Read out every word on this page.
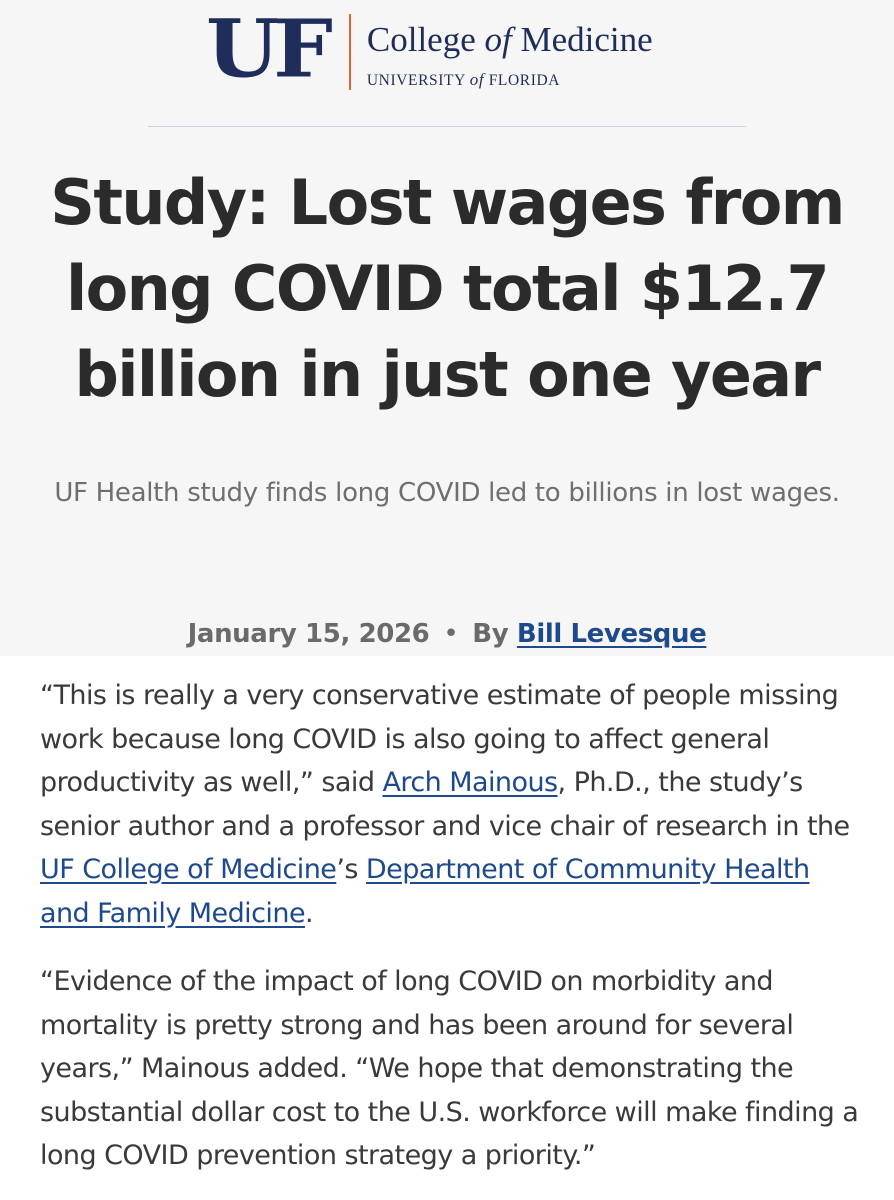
UF College of Medicine
UNIVERSITY of FLORIDA
Study: Lost wages from long COVID total $12.7 billion in just one year

UF Health study finds long COVID led to billions in lost wages.

January 15, 2026 • By Bill Levesque

“This is really a very conservative estimate of people missing work because long COVID is also going to affect general productivity as well,” said Arch Mainous, Ph.D., the study’s senior author and a professor and vice chair of research in the UF College of Medicine’s Department of Community Health and Family Medicine.

“Evidence of the impact of long COVID on morbidity and mortality is pretty strong and has been around for several years,” Mainous added. “We hope that demonstrating the substantial dollar cost to the U.S. workforce will make finding a long COVID prevention strategy a priority.”
